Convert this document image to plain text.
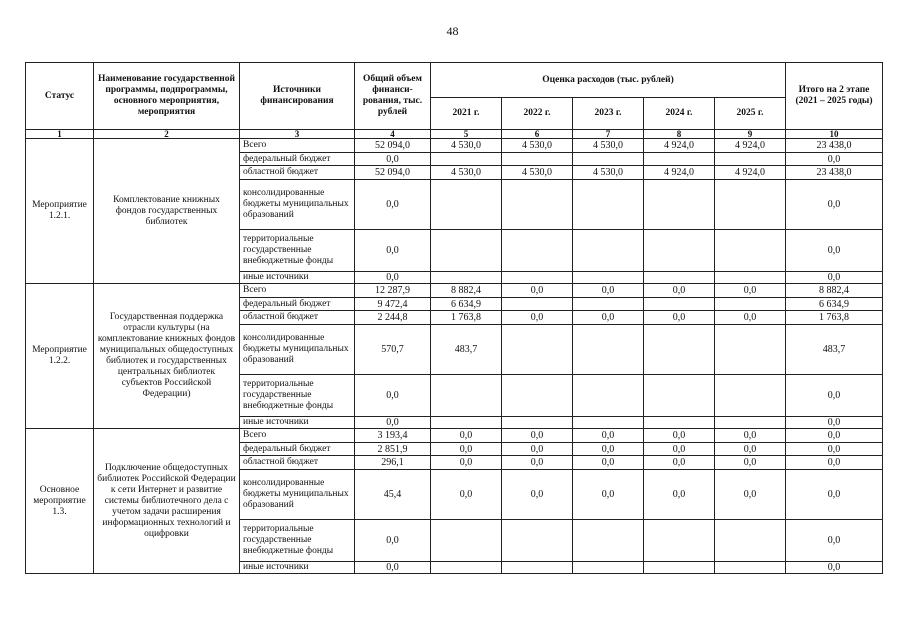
48
Статус	Наименование государственной программы, подпрограммы, основного мероприятия, мероприятия	Источники финансирования	Общий объем финанси-рования, тыс. рублей	Оценка расходов (тыс. рублей)					Итого на 2 этапе (2021 – 2025 годы)
				2021 г.	2022 г.	2023 г.	2024 г.	2025 г.	
1	2	3	4	5	6	7	8	9	10
Мероприятие 1.2.1.	Комплектование книжных фондов государственных библиотек	Всего	52 094,0	4 530,0	4 530,0	4 530,0	4 924,0	4 924,0	23 438,0
		федеральный бюджет	0,0						0,0
		областной бюджет	52 094,0	4 530,0	4 530,0	4 530,0	4 924,0	4 924,0	23 438,0
		консолидированные бюджеты муниципальных образований	0,0						0,0
		территориальные государственные внебюджетные фонды	0,0						0,0
		иные источники	0,0						0,0
Мероприятие 1.2.2.	Государственная поддержка отрасли культуры (на комплектование книжных фондов муниципальных общедоступных библиотек и государственных центральных библиотек субъектов Российской Федерации)	Всего	12 287,9	8 882,4	0,0	0,0	0,0	0,0	8 882,4
		федеральный бюджет	9 472,4	6 634,9					6 634,9
		областной бюджет	2 244,8	1 763,8	0,0	0,0	0,0	0,0	1 763,8
		консолидированные бюджеты муниципальных образований	570,7	483,7					483,7
		территориальные государственные внебюджетные фонды	0,0						0,0
		иные источники	0,0						0,0
Основное мероприятие 1.3.	Подключение общедоступных библиотек Российской Федерации к сети Интернет и развитие системы библиотечного дела с учетом задачи расширения информационных технологий и оцифровки	Всего	3 193,4	0,0	0,0	0,0	0,0	0,0	0,0
		федеральный бюджет	2 851,9	0,0	0,0	0,0	0,0	0,0	0,0
		областной бюджет	296,1	0,0	0,0	0,0	0,0	0,0	0,0
		консолидированные бюджеты муниципальных образований	45,4	0,0	0,0	0,0	0,0	0,0	0,0
		территориальные государственные внебюджетные фонды	0,0						0,0
		иные источники	0,0						0,0
